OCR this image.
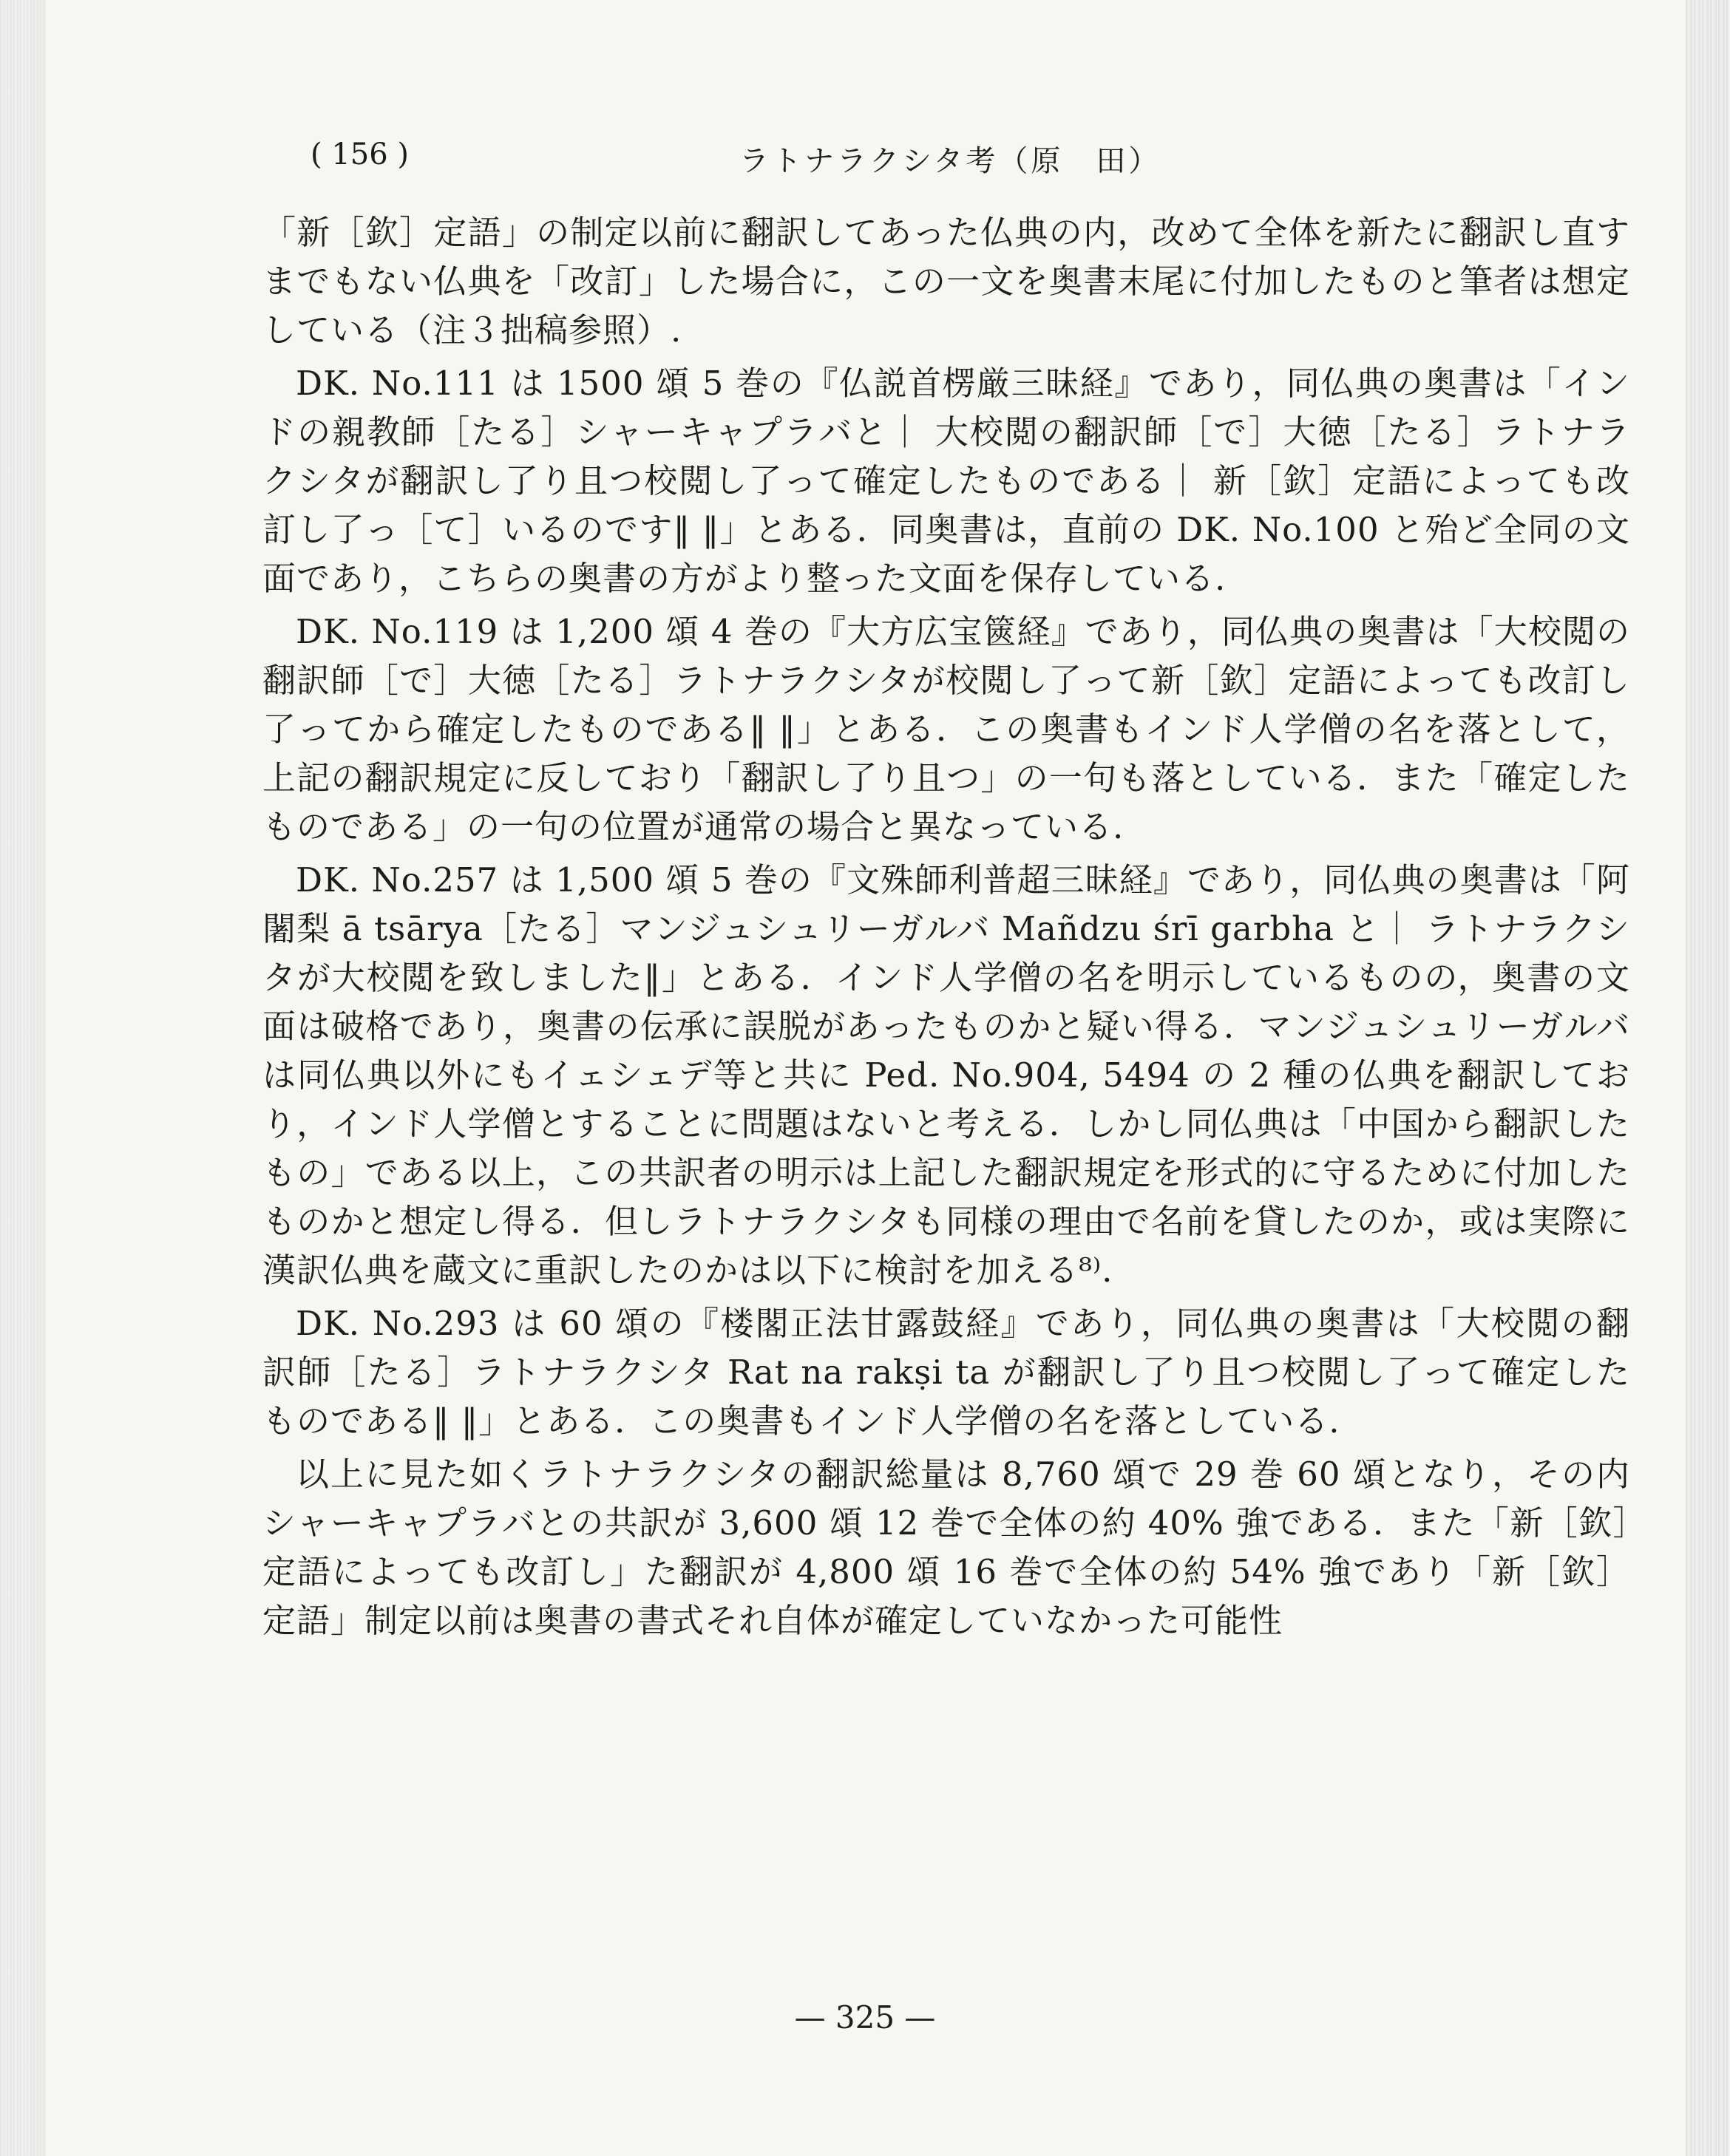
( 156 )	ラトナラクシタ考（原　田）

「新［欽］定語」の制定以前に翻訳してあった仏典の内，改めて全体を新たに翻訳し直すまでもない仏典を「改訂」した場合に，この一文を奥書末尾に付加したものと筆者は想定している（注３拙稿参照）.

DK. No.111 は 1500 頌 5 巻の『仏説首楞厳三昧経』であり，同仏典の奥書は「インドの親教師［たる］シャーキャプラバと｜ 大校閲の翻訳師［で］大徳［たる］ラトナラクシタが翻訳し了り且つ校閲し了って確定したものである｜ 新［欽］定語によっても改訂し了っ［て］いるのです‖ ‖」とある．同奥書は，直前の DK. No.100 と殆ど全同の文面であり，こちらの奥書の方がより整った文面を保存している.

DK. No.119 は 1,200 頌 4 巻の『大方広宝篋経』であり，同仏典の奥書は「大校閲の翻訳師［で］大徳［たる］ラトナラクシタが校閲し了って新［欽］定語によっても改訂し了ってから確定したものである‖ ‖」とある．この奥書もインド人学僧の名を落として，上記の翻訳規定に反しており「翻訳し了り且つ」の一句も落としている．また「確定したものである」の一句の位置が通常の場合と異なっている.

DK. No.257 は 1,500 頌 5 巻の『文殊師利普超三昧経』であり，同仏典の奥書は「阿闍梨 ā tsārya［たる］マンジュシュリーガルバ Mañdzu śrī garbha と｜ ラトナラクシタが大校閲を致しました‖」とある．インド人学僧の名を明示しているものの，奥書の文面は破格であり，奥書の伝承に誤脱があったものかと疑い得る．マンジュシュリーガルバは同仏典以外にもイェシェデ等と共に Ped. No.904, 5494 の 2 種の仏典を翻訳しており，インド人学僧とすることに問題はないと考える．しかし同仏典は「中国から翻訳したもの」である以上，この共訳者の明示は上記した翻訳規定を形式的に守るために付加したものかと想定し得る．但しラトナラクシタも同様の理由で名前を貸したのか，或は実際に漢訳仏典を蔵文に重訳したのかは以下に検討を加える⁸⁾.

DK. No.293 は 60 頌の『楼閣正法甘露鼓経』であり，同仏典の奥書は「大校閲の翻訳師［たる］ラトナラクシタ Rat na rakṣi ta が翻訳し了り且つ校閲し了って確定したものである‖ ‖」とある．この奥書もインド人学僧の名を落としている.

以上に見た如くラトナラクシタの翻訳総量は 8,760 頌で 29 巻 60 頌となり，その内シャーキャプラバとの共訳が 3,600 頌 12 巻で全体の約 40% 強である．また「新［欽］定語によっても改訂し」た翻訳が 4,800 頌 16 巻で全体の約 54% 強であり「新［欽］定語」制定以前は奥書の書式それ自体が確定していなかった可能性

— 325 —
